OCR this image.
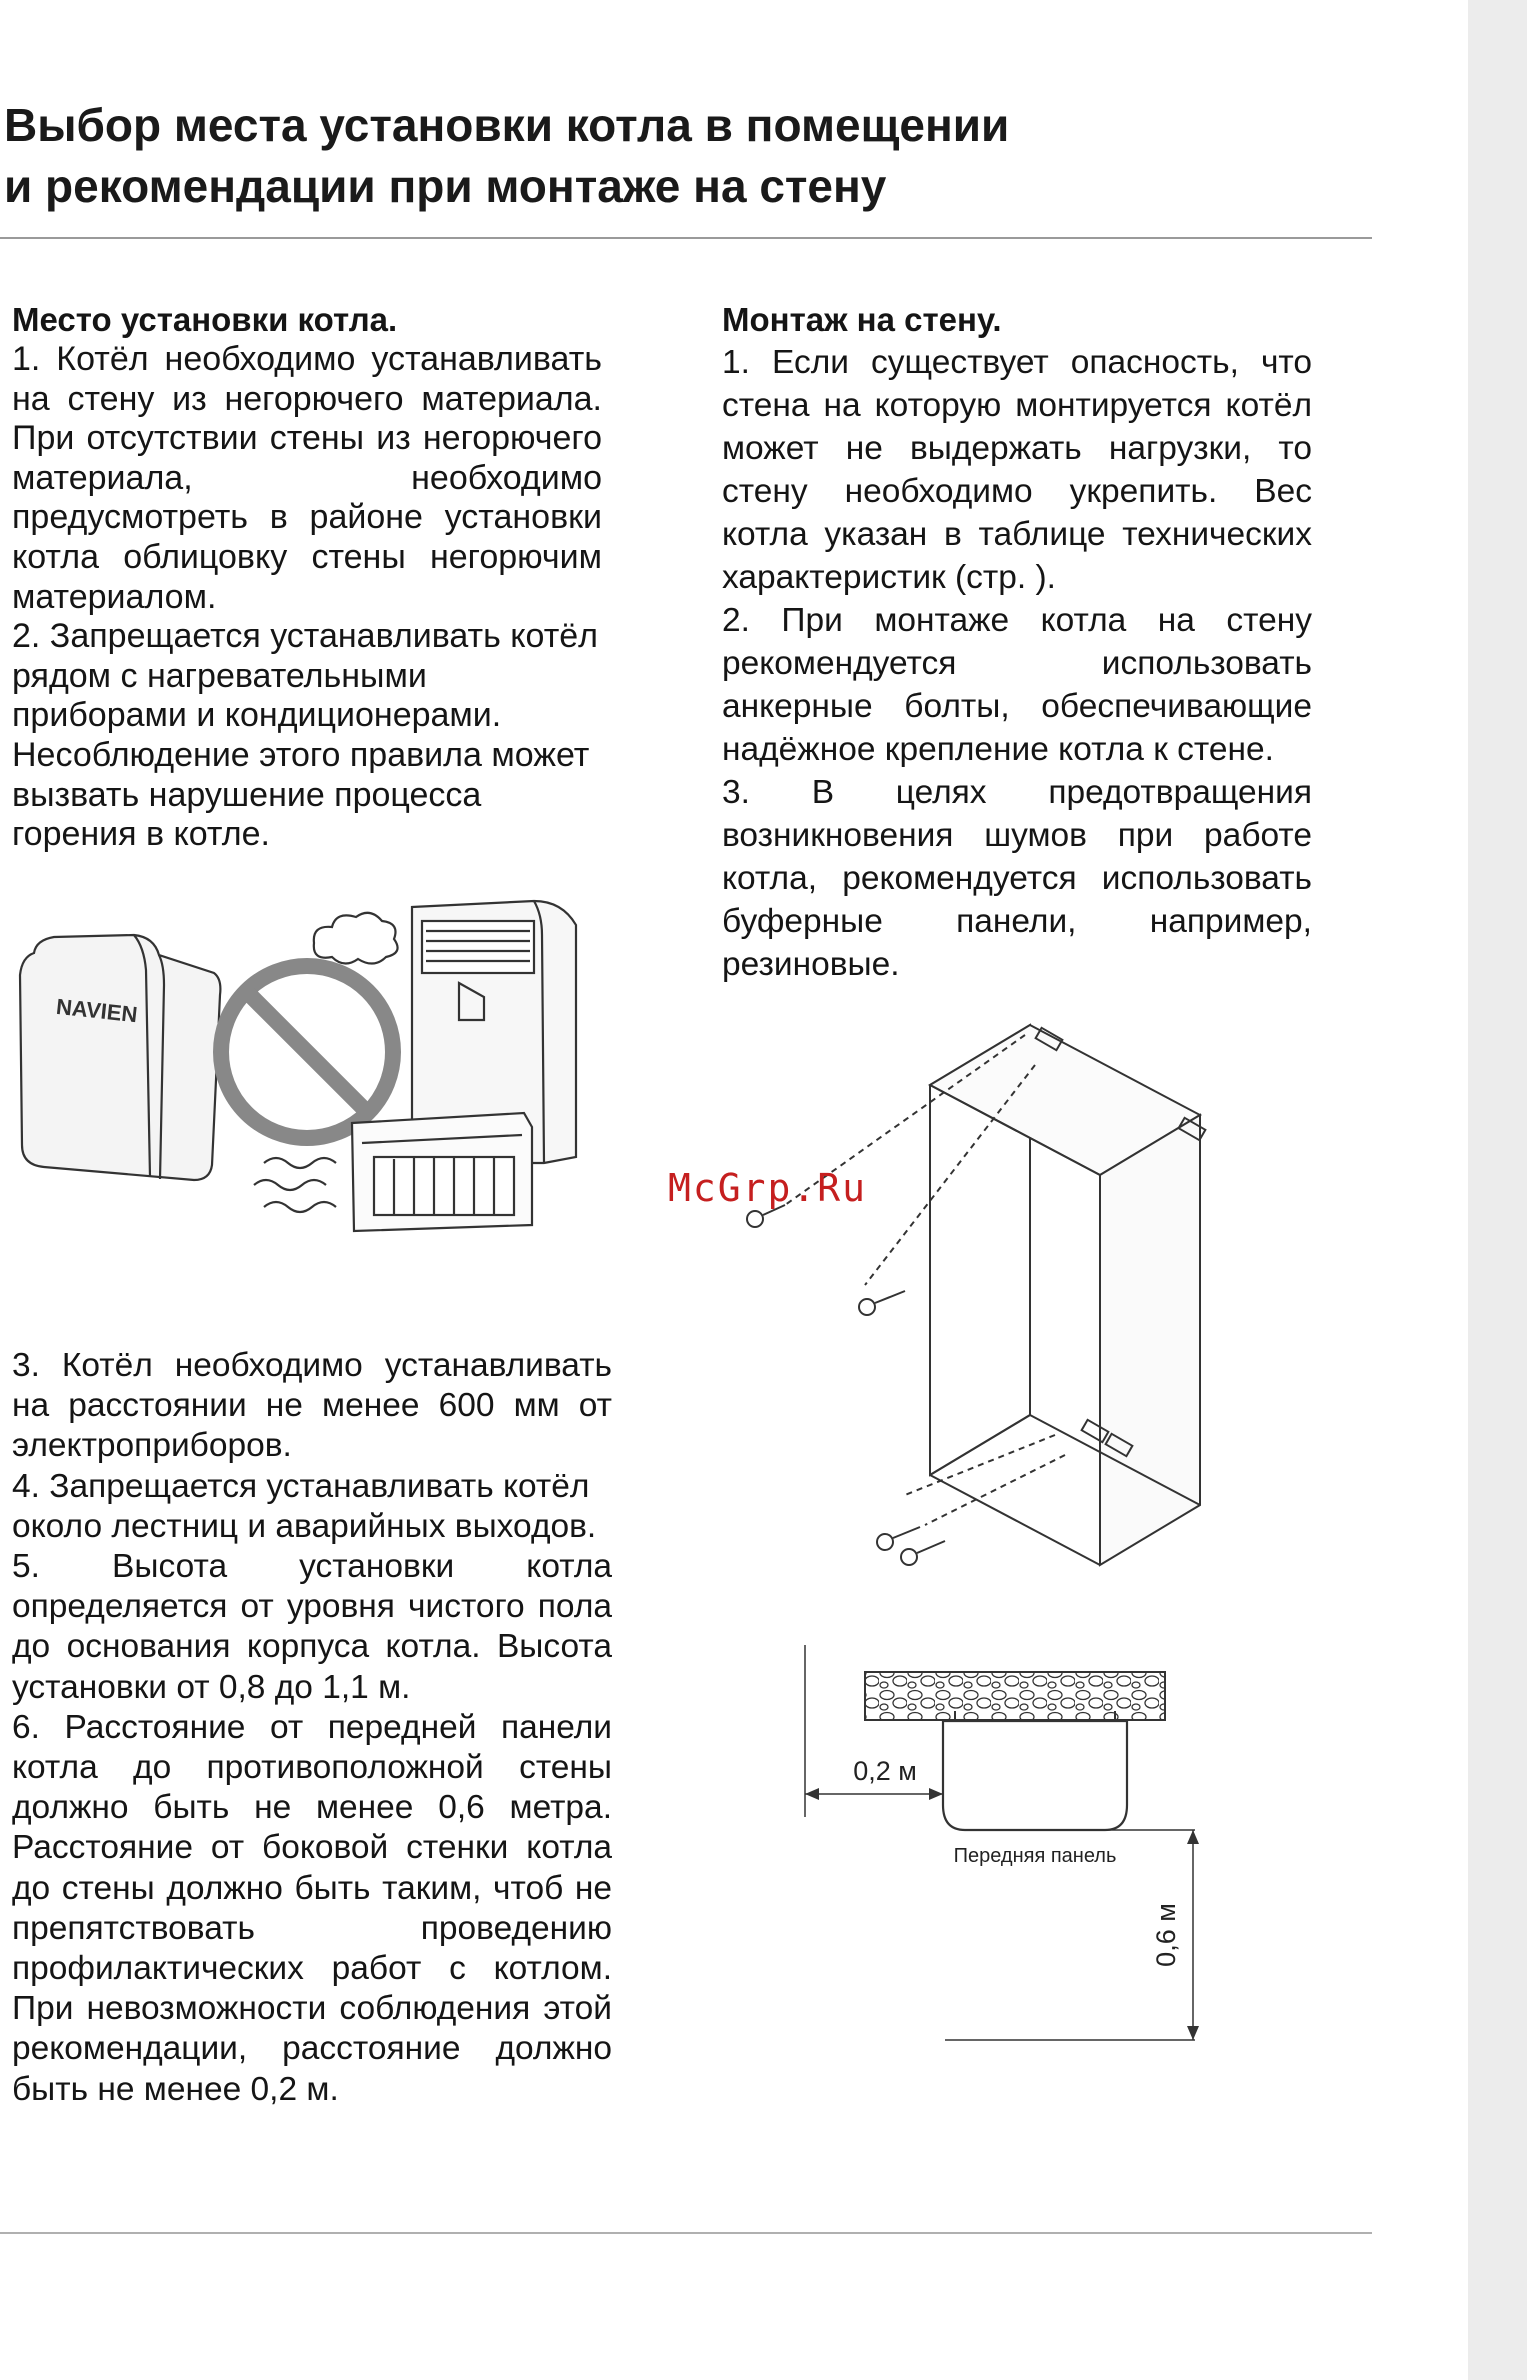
Выбор места установки котла в помещении
и рекомендации при монтаже на стену
Место установки котла.

1. Котёл необходимо устанавливать на стену из негорючего материала. При отсутствии стены из негорючего материала, необходимо предусмотреть в районе установки котла облицовку стены негорючим материалом.

2. Запрещается устанавливать котёл рядом с нагревательными приборами и кондиционерами.

Несоблюдение этого правила может вызвать нарушение процесса горения в котле.

Монтаж на стену.

1. Если существует опасность, что стена на которую монтируется котёл может не выдержать нагрузки, то стену необходимо укрепить. Вес котла указан в таблице технических характеристик (стр. ).

2. При монтаже котла на стену рекомендуется использовать анкерные болты, обеспечивающие надёжное крепление котла к стене.

3. В целях предотвращения возникновения шумов при работе котла, рекомендуется использовать буферные панели, например, резиновые.

NAVIEN
McGrp.Ru
0,2 м
Передняя панель
0,6 м

3. Котёл необходимо устанавливать на расстоянии не менее 600 мм от электроприборов.

4. Запрещается устанавливать котёл около лестниц и аварийных выходов.

5. Высота установки котла определяется от уровня чистого пола до основания корпуса котла. Высота установки от 0,8 до 1,1 м.

6. Расстояние от передней панели котла до противоположной стены должно быть не менее 0,6 метра. Расстояние от боковой стенки котла до стены должно быть таким, чтоб не препятствовать проведению профилактических работ с котлом. При невозможности соблюдения этой рекомендации, расстояние должно быть не менее 0,2 м.
